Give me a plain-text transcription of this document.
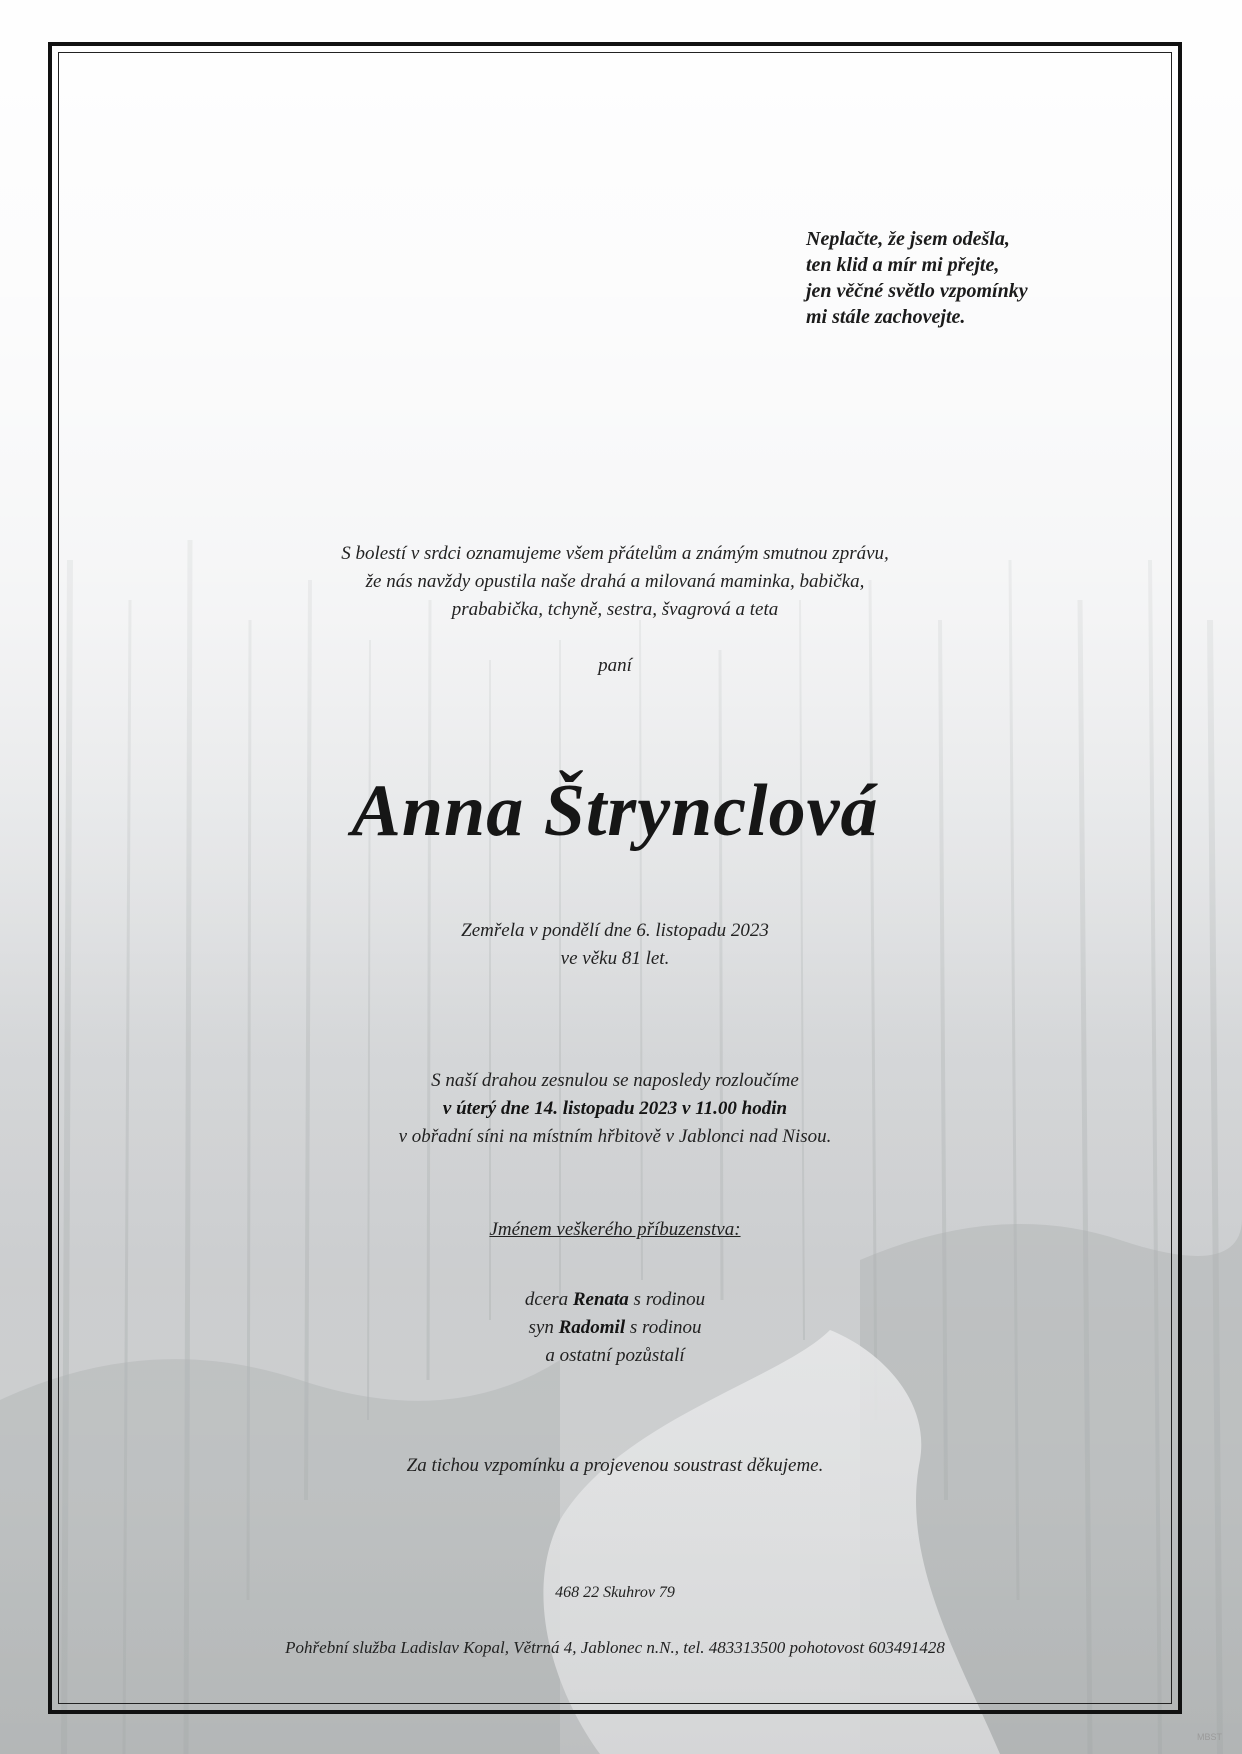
Neplačte, že jsem odešla,
ten klid a mír mi přejte,
jen věčné světlo vzpomínky
mi stále zachovejte.
S bolestí v srdci oznamujeme všem přátelům a známým smutnou zprávu,
že nás navždy opustila naše drahá a milovaná maminka, babička,
prababička, tchyně, sestra, švagrová a teta
paní
Anna Štrynclová
Zemřela v pondělí dne 6. listopadu 2023
ve věku 81 let.
S naší drahou zesnulou se naposledy rozloučíme
v úterý dne 14. listopadu 2023 v 11.00 hodin
v obřadní síni na místním hřbitově v Jablonci nad Nisou.
Jménem veškerého příbuzenstva:
dcera Renata s rodinou
syn Radomil s rodinou
a ostatní pozůstalí
Za tichou vzpomínku a projevenou soustrast děkujeme.
468 22 Skuhrov 79
Pohřební služba Ladislav Kopal, Větrná 4, Jablonec n.N., tel. 483313500 pohotovost 603491428
MBST
